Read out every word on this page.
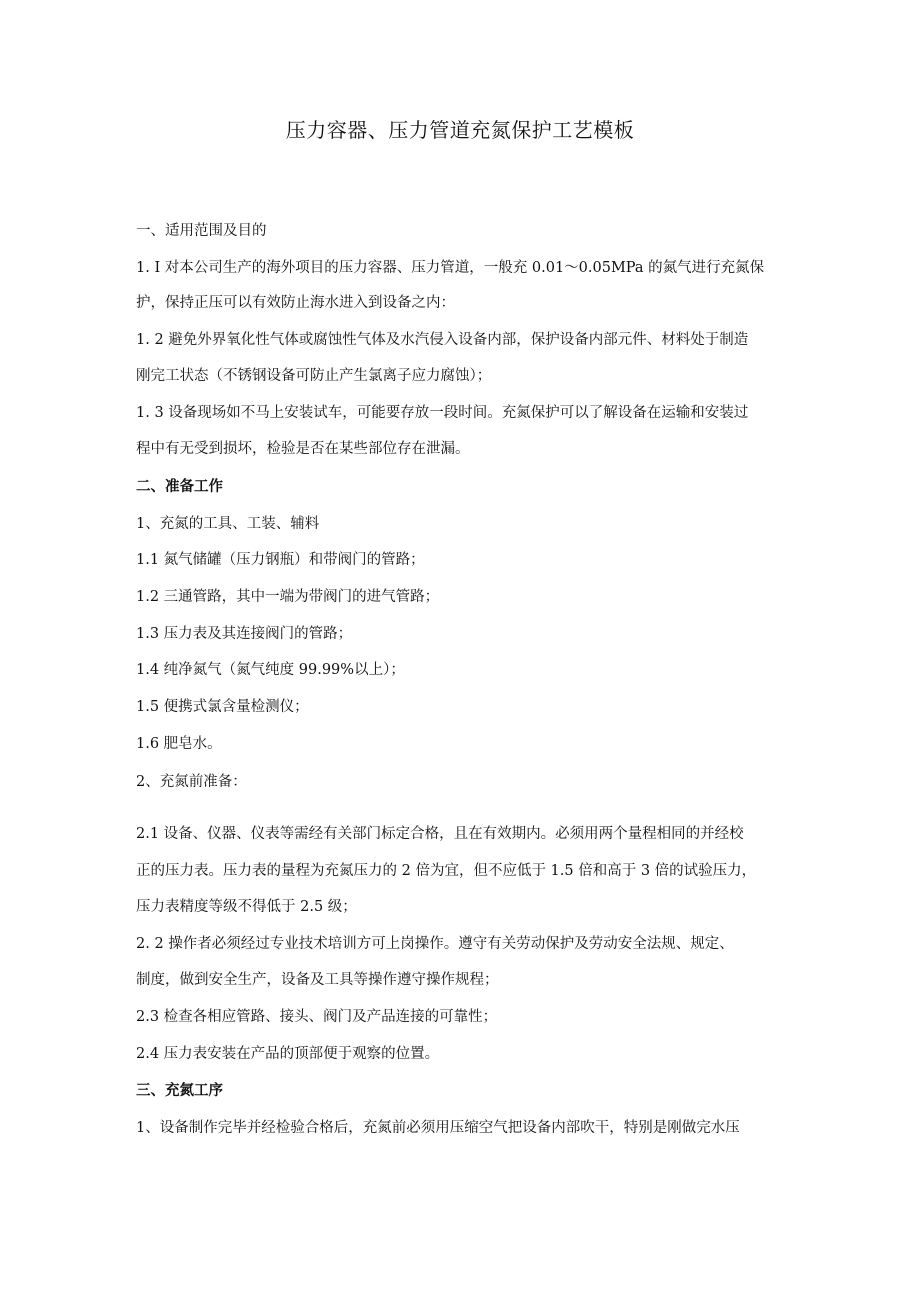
压力容器、压力管道充氮保护工艺模板
一、适用范围及目的
1. I 对本公司生产的海外项目的压力容器、压力管道，一般充 0.01～0.05MPa 的氮气进行充氮保
护，保持正压可以有效防止海水进入到设备之内：
1. 2 避免外界氧化性气体或腐蚀性气体及水汽侵入设备内部，保护设备内部元件、材料处于制造
刚完工状态（不锈钢设备可防止产生氯离子应力腐蚀）；
1. 3 设备现场如不马上安装试车，可能要存放一段时间。充氮保护可以了解设备在运输和安装过
程中有无受到损坏，检验是否在某些部位存在泄漏。
二、准备工作
1、充氮的工具、工装、辅料
1.1 氮气储罐（压力钢瓶）和带阀门的管路；
1.2 三通管路，其中一端为带阀门的进气管路；
1.3 压力表及其连接阀门的管路；
1.4 纯净氮气（氮气纯度 99.99%以上）；
1.5 便携式氯含量检测仪；
1.6 肥皂水。
2、充氮前准备：
2.1 设备、仪器、仪表等需经有关部门标定合格，且在有效期内。必须用两个量程相同的并经校
正的压力表。压力表的量程为充氮压力的 2 倍为宜，但不应低于 1.5 倍和高于 3 倍的试验压力，
压力表精度等级不得低于 2.5 级；
2. 2 操作者必须经过专业技术培训方可上岗操作。遵守有关劳动保护及劳动安全法规、规定、
制度，做到安全生产，设备及工具等操作遵守操作规程；
2.3 检查各相应管路、接头、阀门及产品连接的可靠性；
2.4 压力表安装在产品的顶部便于观察的位置。
三、充氮工序
1、设备制作完毕并经检验合格后，充氮前必须用压缩空气把设备内部吹干，特别是刚做完水压
